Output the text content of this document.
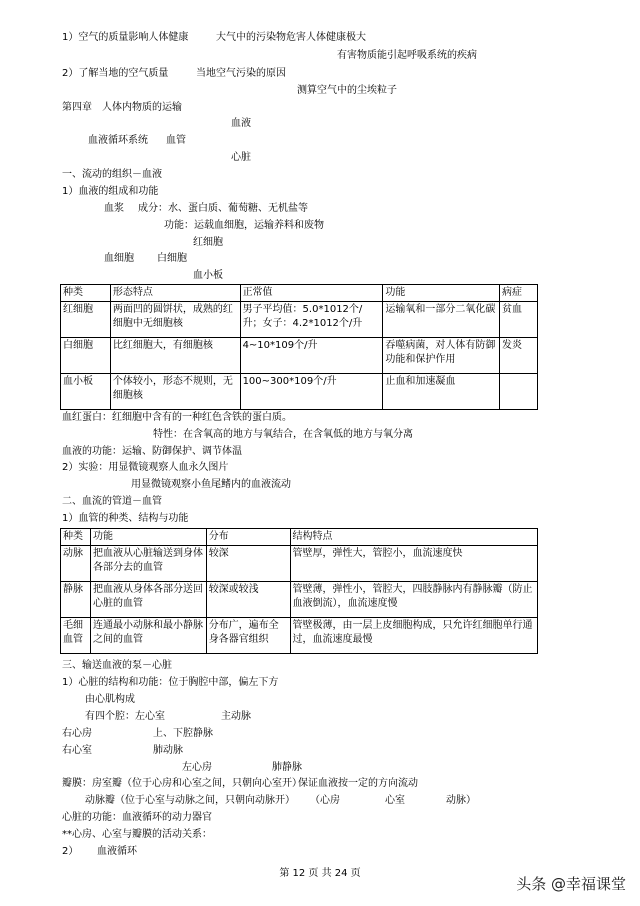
1）空气的质量影响人体健康	大气中的污染物危害人体健康极大
有害物质能引起呼吸系统的疾病
2）了解当地的空气质量	当地空气污染的原因
测算空气中的尘埃粒子
第四章　人体内物质的运输
血液
血液循环系统 血管
心脏
一、流动的组织－血液
1）血液的组成和功能
血浆 成分：水、蛋白质、葡萄糖、无机盐等
功能：运载血细胞，运输养料和废物
红细胞
血细胞 白细胞
血小板
种类	形态特点	正常值	功能	病症
红细胞	两面凹的圆饼状，成熟的红细胞中无细胞核	男子平均值：5.0*1012个/升；女子：4.2*1012个/升	运输氧和一部分二氧化碳	贫血
白细胞	比红细胞大，有细胞核	4~10*109个/升	吞噬病菌，对人体有防御功能和保护作用	发炎
血小板	个体较小，形态不规则，无细胞核	100~300*109个/升	止血和加速凝血	
血红蛋白：红细胞中含有的一种红色含铁的蛋白质。
特性：在含氧高的地方与氧结合，在含氧低的地方与氧分离
血液的功能：运输、防御保护、调节体温
2）实验：用显微镜观察人血永久图片
用显微镜观察小鱼尾鳍内的血液流动
二、血流的管道－血管
1）血管的种类、结构与功能
种类	功能	分布	结构特点
动脉	把血液从心脏输送到身体各部分去的血管	较深	管壁厚，弹性大，管腔小，血流速度快
静脉	把血液从身体各部分送回心脏的血管	较深或较浅	管壁薄，弹性小，管腔大，四肢静脉内有静脉瓣（防止血液倒流），血流速度慢
毛细血管	连通最小动脉和最小静脉之间的血管	分布广，遍布全身各器官组织	管壁极薄，由一层上皮细胞构成，只允许红细胞单行通过，血流速度最慢
三、输送血液的泵－心脏
1）心脏的结构和功能：位于胸腔中部，偏左下方
由心肌构成
有四个腔：左心室	主动脉
右心房	上、下腔静脉
右心室	肺动脉
左心房	肺静脉
瓣膜：房室瓣（位于心房和心室之间，只朝向心室开）
保证血液按一定的方向流动
动脉瓣（位于心室与动脉之间，只朝向动脉开） （心房	心室	动脉）
心脏的功能：血液循环的动力器官
**心房、心室与瓣膜的活动关系：
2） 血液循环
第 12 页 共 24 页
头条 @幸福课堂
